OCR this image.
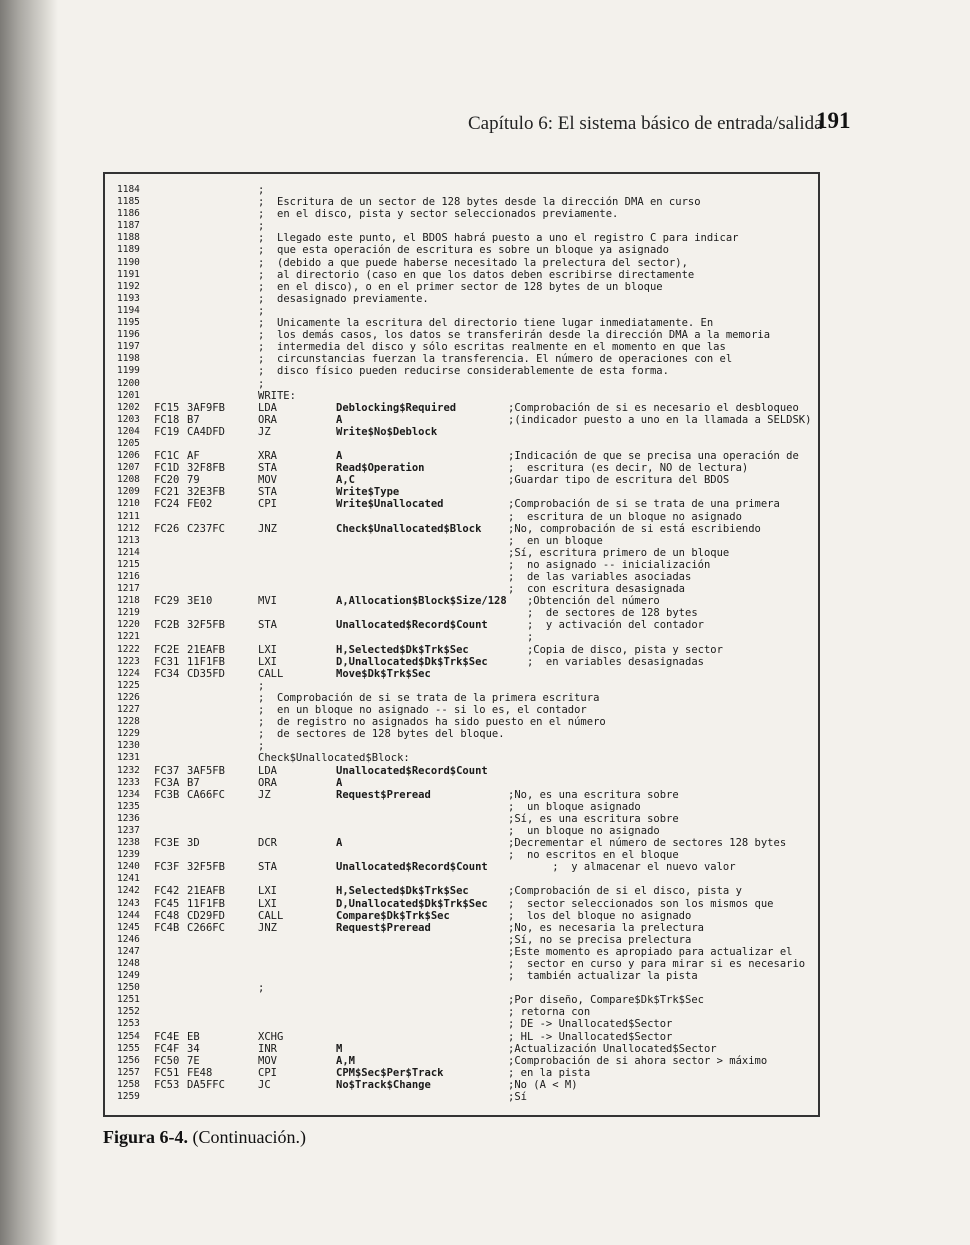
Capítulo 6: El sistema básico de entrada/salida
191
1184	;
1185	; Escritura de un sector de 128 bytes desde la dirección DMA en curso
1186	; en el disco, pista y sector seleccionados previamente.
1187	;
1188	; Llegado este punto, el BDOS habrá puesto a uno el registro C para indicar
1189	; que esta operación de escritura es sobre un bloque ya asignado
1190	; (debido a que puede haberse necesitado la prelectura del sector),
1191	; al directorio (caso en que los datos deben escribirse directamente
1192	; en el disco), o en el primer sector de 128 bytes de un bloque
1193	; desasignado previamente.
1194	;
1195	; Unicamente la escritura del directorio tiene lugar inmediatamente. En
1196	; los demás casos, los datos se transferirán desde la dirección DMA a la memoria
1197	; intermedia del disco y sólo escritas realmente en el momento en que las
1198	; circunstancias fuerzan la transferencia. El número de operaciones con el
1199	; disco físico pueden reducirse considerablemente de esta forma.
1200	;
1201	WRITE:
1202 FC15 3AF9FB	LDA	Deblocking$Required	;Comprobación de si es necesario el desbloqueo
1203 FC18 B7	ORA	A	;(indicador puesto a uno en la llamada a SELDSK)
1204 FC19 CA4DFD	JZ	Write$No$Deblock
1205
1206 FC1C AF	XRA	A	;Indicación de que se precisa una operación de
1207 FC1D 32F8FB	STA	Read$Operation	;  escritura (es decir, NO de lectura)
1208 FC20 79	MOV	A,C	;Guardar tipo de escritura del BDOS
1209 FC21 32E3FB	STA	Write$Type
1210 FC24 FE02	CPI	Write$Unallocated	;Comprobación de si se trata de una primera
1211	;  escritura de un bloque no asignado
1212 FC26 C237FC	JNZ	Check$Unallocated$Block	;No, comprobación de si está escribiendo
1213	;  en un bloque
1214	;Sí, escritura primero de un bloque
1215	;  no asignado -- inicialización
1216	;  de las variables asociadas
1217	;  con escritura desasignada
1218 FC29 3E10	MVI	A,Allocation$Block$Size/128 ;Obtención del número
1219	;  de sectores de 128 bytes
1220 FC2B 32F5FB	STA	Unallocated$Record$Count ;  y activación del contador
1221	;
1222 FC2E 21EAFB	LXI	H,Selected$Dk$Trk$Sec	;Copia de disco, pista y sector
1223 FC31 11F1FB	LXI	D,Unallocated$Dk$Trk$Sec ;  en variables desasignadas
1224 FC34 CD35FD	CALL	Move$Dk$Trk$Sec
1225	;
1226	; Comprobación de si se trata de la primera escritura
1227	; en un bloque no asignado -- si lo es, el contador
1228	; de registro no asignados ha sido puesto en el número
1229	; de sectores de 128 bytes del bloque.
1230	;
1231	Check$Unallocated$Block:
1232 FC37 3AF5FB	LDA	Unallocated$Record$Count
1233 FC3A B7	ORA	A
1234 FC3B CA66FC	JZ	Request$Preread	;No, es una escritura sobre
1235	;  un bloque asignado
1236	;Sí, es una escritura sobre
1237	;  un bloque no asignado
1238 FC3E 3D	DCR	A	;Decrementar el número de sectores 128 bytes
1239	;  no escritos en el bloque
1240 FC3F 32F5FB	STA	Unallocated$Record$Count ;  y almacenar el nuevo valor
1241
1242 FC42 21EAFB	LXI	H,Selected$Dk$Trk$Sec	;Comprobación de si el disco, pista y
1243 FC45 11F1FB	LXI	D,Unallocated$Dk$Trk$Sec ;  sector seleccionados son los mismos que
1244 FC48 CD29FD	CALL	Compare$Dk$Trk$Sec	;  los del bloque no asignado
1245 FC4B C266FC	JNZ	Request$Preread	;No, es necesaria la prelectura
1246	;Sí, no se precisa prelectura
1247	;Este momento es apropiado para actualizar el
1248	;  sector en curso y para mirar si es necesario
1249	;  también actualizar la pista
1250	;
1251	;Por diseño, Compare$Dk$Trk$Sec
1252	; retorna con
1253	; DE -> Unallocated$Sector
1254 FC4E EB	XCHG	; HL -> Unallocated$Sector
1255 FC4F 34	INR	M	;Actualización Unallocated$Sector
1256 FC50 7E	MOV	A,M	;Comprobación de si ahora sector > máximo
1257 FC51 FE48	CPI	CPM$Sec$Per$Track	; en la pista
1258 FC53 DA5FFC	JC	No$Track$Change	;No (A < M)
1259	;Sí
Figura 6-4. (Continuación.)
